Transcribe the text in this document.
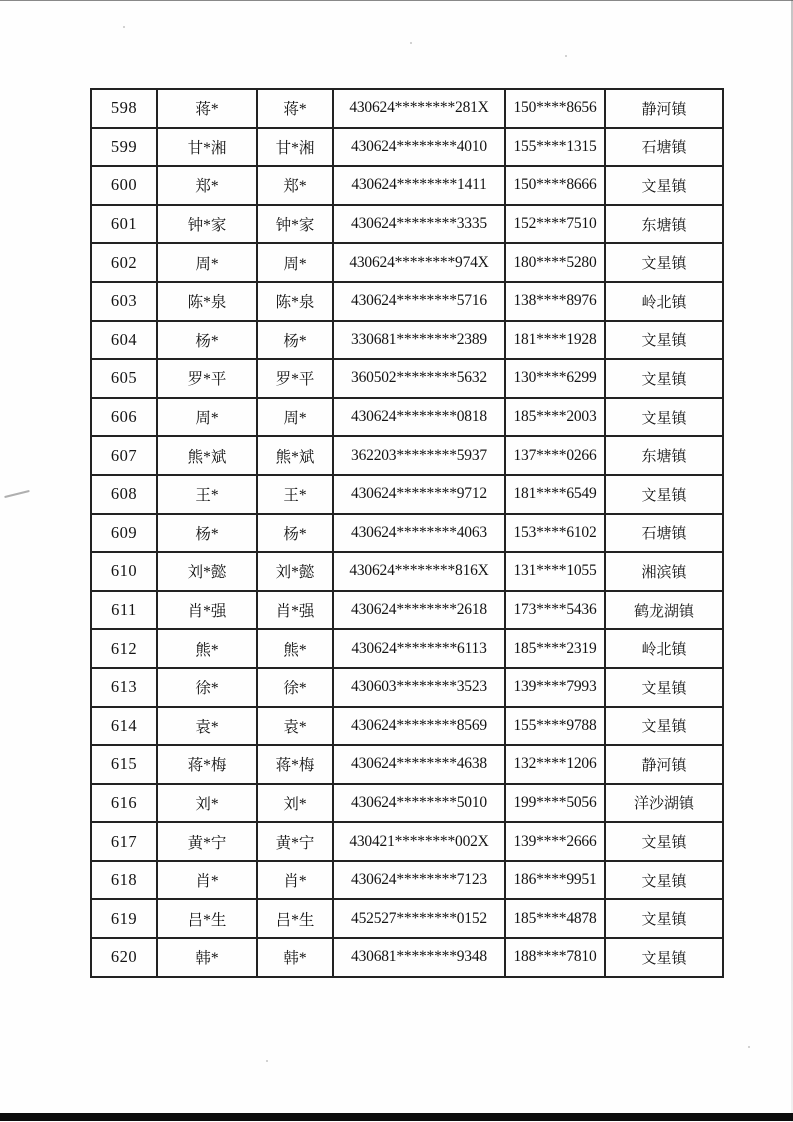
598	蒋*	蒋*	430624********281X	150****8656	静河镇
599	甘*湘	甘*湘	430624********4010	155****1315	石塘镇
600	郑*	郑*	430624********1411	150****8666	文星镇
601	钟*家	钟*家	430624********3335	152****7510	东塘镇
602	周*	周*	430624********974X	180****5280	文星镇
603	陈*泉	陈*泉	430624********5716	138****8976	岭北镇
604	杨*	杨*	330681********2389	181****1928	文星镇
605	罗*平	罗*平	360502********5632	130****6299	文星镇
606	周*	周*	430624********0818	185****2003	文星镇
607	熊*斌	熊*斌	362203********5937	137****0266	东塘镇
608	王*	王*	430624********9712	181****6549	文星镇
609	杨*	杨*	430624********4063	153****6102	石塘镇
610	刘*懿	刘*懿	430624********816X	131****1055	湘滨镇
611	肖*强	肖*强	430624********2618	173****5436	鹤龙湖镇
612	熊*	熊*	430624********6113	185****2319	岭北镇
613	徐*	徐*	430603********3523	139****7993	文星镇
614	袁*	袁*	430624********8569	155****9788	文星镇
615	蒋*梅	蒋*梅	430624********4638	132****1206	静河镇
616	刘*	刘*	430624********5010	199****5056	洋沙湖镇
617	黄*宁	黄*宁	430421********002X	139****2666	文星镇
618	肖*	肖*	430624********7123	186****9951	文星镇
619	吕*生	吕*生	452527********0152	185****4878	文星镇
620	韩*	韩*	430681********9348	188****7810	文星镇
